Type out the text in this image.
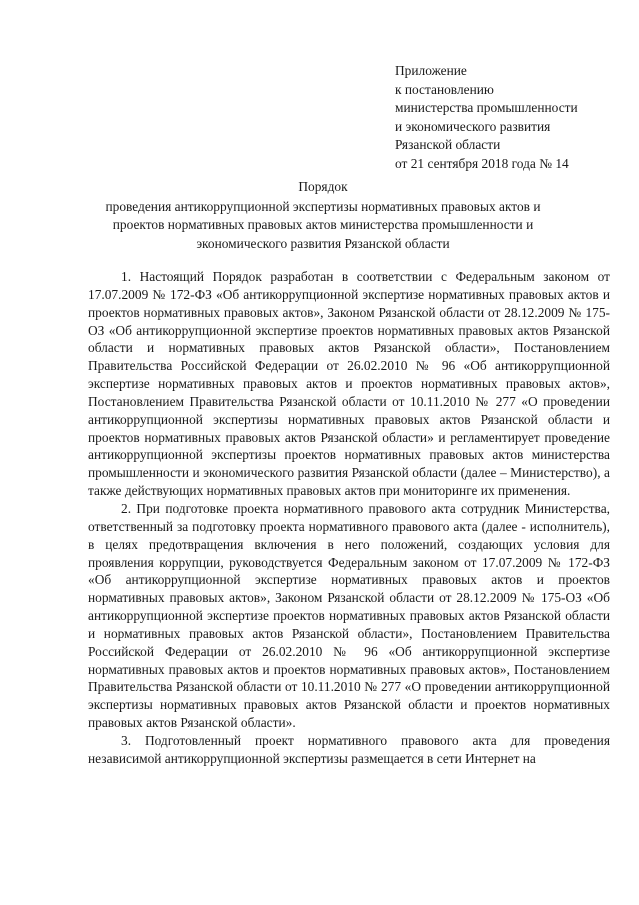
Приложение
к постановлению
министерства промышленности
и экономического развития
Рязанской области
от 21 сентября 2018 года № 14
Порядок
проведения антикоррупционной экспертизы нормативных правовых актов и проектов нормативных правовых актов министерства промышленности и экономического развития Рязанской области

1. Настоящий Порядок разработан в соответствии с Федеральным законом от 17.07.2009 № 172-ФЗ «Об антикоррупционной экспертизе нормативных правовых актов и проектов нормативных правовых актов», Законом Рязанской области от 28.12.2009 № 175-ОЗ «Об антикоррупционной экспертизе проектов нормативных правовых актов Рязанской области и нормативных правовых актов Рязанской области», Постановлением Правительства Российской Федерации от 26.02.2010 № 96 «Об антикоррупционной экспертизе нормативных правовых актов и проектов нормативных правовых актов», Постановлением Правительства Рязанской области от 10.11.2010 № 277 «О проведении антикоррупционной экспертизы нормативных правовых актов Рязанской области и проектов нормативных правовых актов Рязанской области» и регламентирует проведение антикоррупционной экспертизы проектов нормативных правовых актов министерства промышленности и экономического развития Рязанской области (далее – Министерство), а также действующих нормативных правовых актов при мониторинге их применения.

2. При подготовке проекта нормативного правового акта сотрудник Министерства, ответственный за подготовку проекта нормативного правового акта (далее - исполнитель), в целях предотвращения включения в него положений, создающих условия для проявления коррупции, руководствуется Федеральным законом от 17.07.2009 № 172-ФЗ «Об антикоррупционной экспертизе нормативных правовых актов и проектов нормативных правовых актов», Законом Рязанской области от 28.12.2009 № 175-ОЗ «Об антикоррупционной экспертизе проектов нормативных правовых актов Рязанской области и нормативных правовых актов Рязанской области», Постановлением Правительства Российской Федерации от 26.02.2010 № 96 «Об антикоррупционной экспертизе нормативных правовых актов и проектов нормативных правовых актов», Постановлением Правительства Рязанской области от 10.11.2010 № 277 «О проведении антикоррупционной экспертизы нормативных правовых актов Рязанской области и проектов нормативных правовых актов Рязанской области».

3. Подготовленный проект нормативного правового акта для проведения независимой антикоррупционной экспертизы размещается в сети Интернет на
